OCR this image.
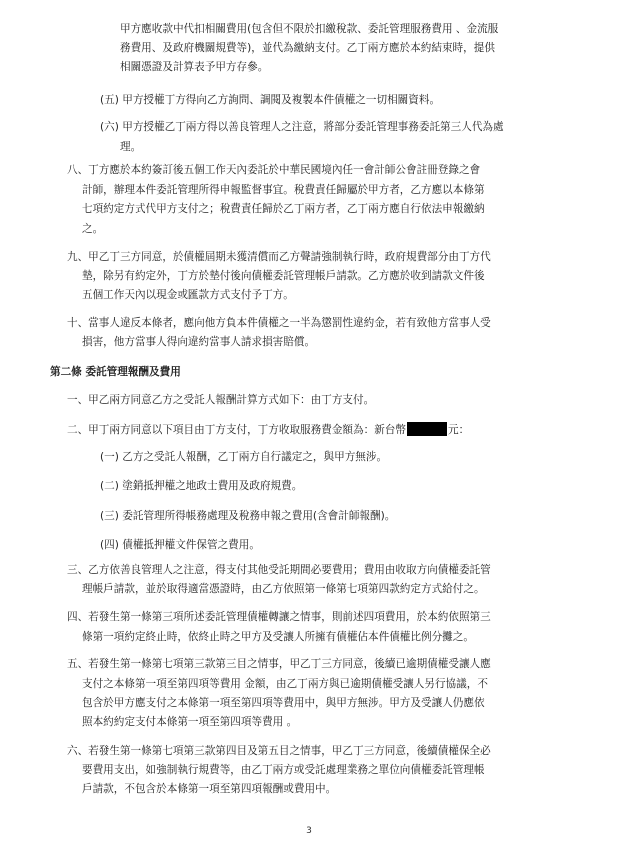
甲方應收款中代扣相關費用(包含但不限於扣繳稅款、委託管理服務費用 、金流服
務費用、及政府機關規費等)，並代為繳納支付。乙丁兩方應於本約結束時，提供
相關憑證及計算表予甲方存參。
(五) 甲方授權丁方得向乙方詢問、調閱及複製本件債權之一切相關資料。
(六) 甲方授權乙丁兩方得以善良管理人之注意，將部分委託管理事務委託第三人代為處
理。
八、丁方應於本約簽訂後五個工作天內委託於中華民國境內任一會計師公會註冊登錄之會
計師，辦理本件委託管理所得申報監督事宜。稅費責任歸屬於甲方者，乙方應以本條第
七項約定方式代甲方支付之；稅費責任歸於乙丁兩方者，乙丁兩方應自行依法申報繳納
之。
九、甲乙丁三方同意，於債權屆期未獲清償而乙方聲請強制執行時，政府規費部分由丁方代
墊，除另有約定外，丁方於墊付後向債權委託管理帳戶請款。乙方應於收到請款文件後
五個工作天內以現金或匯款方式支付予丁方。
十、當事人違反本條者，應向他方負本件債權之一半為懲罰性違約金，若有致他方當事人受
損害，他方當事人得向違約當事人請求損害賠償。
第二條 委託管理報酬及費用
一、甲乙兩方同意乙方之受託人報酬計算方式如下：由丁方支付。
二、甲丁兩方同意以下項目由丁方支付，丁方收取服務費金額為：新台幣	元：
(一) 乙方之受託人報酬，乙丁兩方自行議定之，與甲方無涉。
(二) 塗銷抵押權之地政士費用及政府規費。
(三) 委託管理所得帳務處理及稅務申報之費用(含會計師報酬)。
(四) 債權抵押權文件保管之費用。
三、乙方依善良管理人之注意，得支付其他受託期間必要費用；費用由收取方向債權委託管
理帳戶請款，並於取得適當憑證時，由乙方依照第一條第七項第四款約定方式給付之。
四、若發生第一條第三項所述委託管理債權轉讓之情事，則前述四項費用，於本約依照第三
條第一項約定終止時，依終止時之甲方及受讓人所擁有債權佔本件債權比例分攤之。
五、若發生第一條第七項第三款第三目之情事，甲乙丁三方同意，後續已逾期債權受讓人應
支付之本條第一項至第四項等費用 金額，由乙丁兩方與已逾期債權受讓人另行協議，不
包含於甲方應支付之本條第一項至第四項等費用中，與甲方無涉。甲方及受讓人仍應依
照本約約定支付本條第一項至第四項等費用 。
六、若發生第一條第七項第三款第四目及第五目之情事，甲乙丁三方同意，後續債權保全必
要費用支出，如強制執行規費等，由乙丁兩方或受託處理業務之單位向債權委託管理帳
戶請款，不包含於本條第一項至第四項報酬或費用中。
3
